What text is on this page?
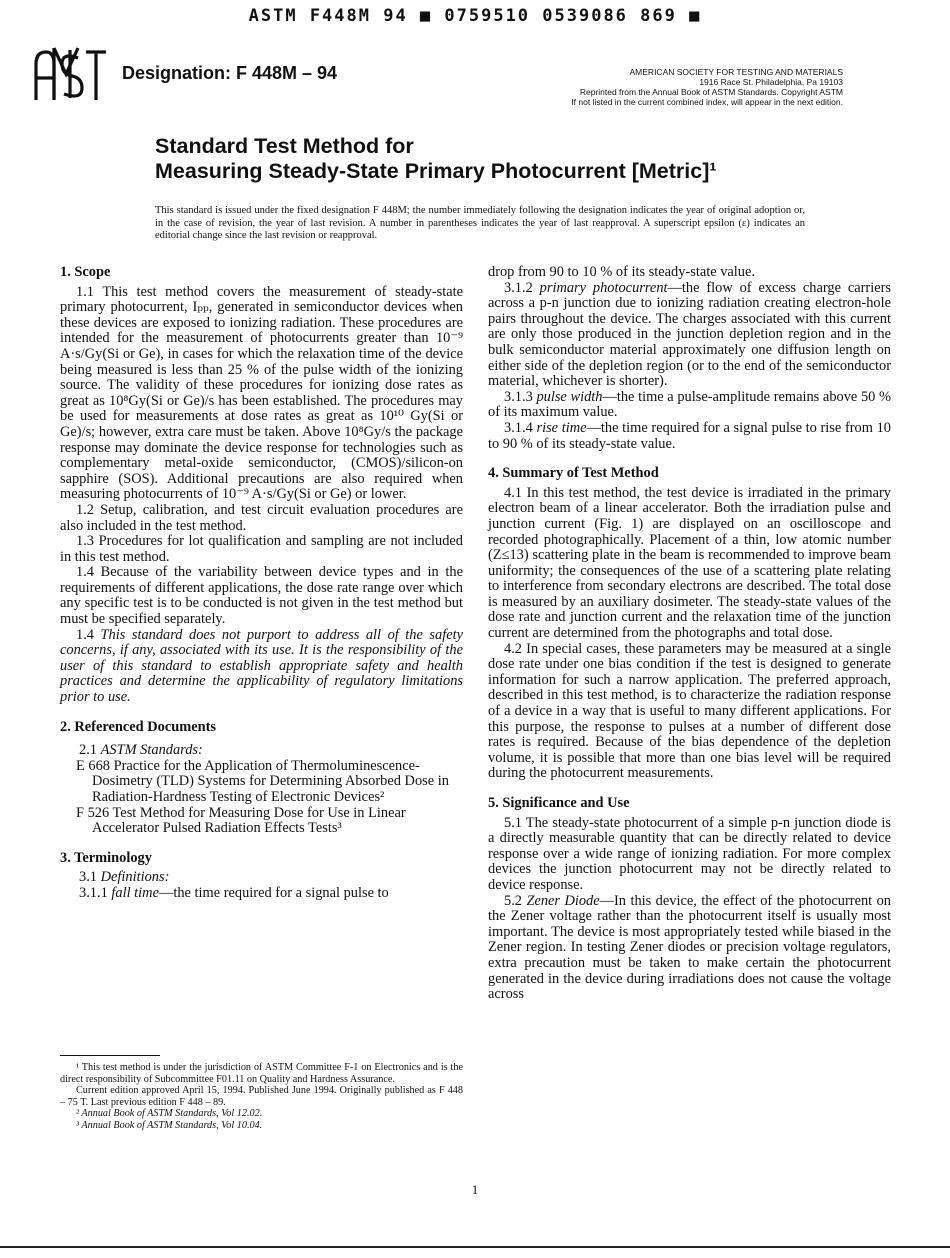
ASTM F448M 94 ■ 0759510 0539086 869 ■
Designation: F 448M – 94	AMERICAN SOCIETY FOR TESTING AND MATERIALS
1916 Race St. Philadelphia, Pa 19103
Reprinted from the Annual Book of ASTM Standards. Copyright ASTM
If not listed in the current combined index, will appear in the next edition.
Standard Test Method for
Measuring Steady-State Primary Photocurrent [Metric]¹
This standard is issued under the fixed designation F 448M; the number immediately following the designation indicates the year of original adoption or, in the case of revision, the year of last revision. A number in parentheses indicates the year of last reapproval. A superscript epsilon (ε) indicates an editorial change since the last revision or reapproval.
1. Scope

1.1 This test method covers the measurement of steady-state primary photocurrent, Iₚₚ, generated in semiconductor devices when these devices are exposed to ionizing radiation. These procedures are intended for the measurement of photocurrents greater than 10⁻⁹ A·s/Gy(Si or Ge), in cases for which the relaxation time of the device being measured is less than 25 % of the pulse width of the ionizing source. The validity of these procedures for ionizing dose rates as great as 10⁸Gy(Si or Ge)/s has been established. The procedures may be used for measurements at dose rates as great as 10¹⁰ Gy(Si or Ge)/s; however, extra care must be taken. Above 10⁸Gy/s the package response may dominate the device response for technologies such as complementary metal-oxide semiconductor, (CMOS)/silicon-on sapphire (SOS). Additional precautions are also required when measuring photocurrents of 10⁻⁹ A·s/Gy(Si or Ge) or lower.

1.2 Setup, calibration, and test circuit evaluation procedures are also included in the test method.

1.3 Procedures for lot qualification and sampling are not included in this test method.

1.4 Because of the variability between device types and in the requirements of different applications, the dose rate range over which any specific test is to be conducted is not given in the test method but must be specified separately.

1.4 This standard does not purport to address all of the safety concerns, if any, associated with its use. It is the responsibility of the user of this standard to establish appropriate safety and health practices and determine the applicability of regulatory limitations prior to use.

2. Referenced Documents

2.1 ASTM Standards:

E 668 Practice for the Application of Thermoluminescence-Dosimetry (TLD) Systems for Determining Absorbed Dose in Radiation-Hardness Testing of Electronic Devices²

F 526 Test Method for Measuring Dose for Use in Linear Accelerator Pulsed Radiation Effects Tests³

3. Terminology

3.1 Definitions:

3.1.1 fall time—the time required for a signal pulse to

drop from 90 to 10 % of its steady-state value.

3.1.2 primary photocurrent—the flow of excess charge carriers across a p-n junction due to ionizing radiation creating electron-hole pairs throughout the device. The charges associated with this current are only those produced in the junction depletion region and in the bulk semiconductor material approximately one diffusion length on either side of the depletion region (or to the end of the semiconductor material, whichever is shorter).

3.1.3 pulse width—the time a pulse-amplitude remains above 50 % of its maximum value.

3.1.4 rise time—the time required for a signal pulse to rise from 10 to 90 % of its steady-state value.

4. Summary of Test Method

4.1 In this test method, the test device is irradiated in the primary electron beam of a linear accelerator. Both the irradiation pulse and junction current (Fig. 1) are displayed on an oscilloscope and recorded photographically. Placement of a thin, low atomic number (Z≤13) scattering plate in the beam is recommended to improve beam uniformity; the consequences of the use of a scattering plate relating to interference from secondary electrons are described. The total dose is measured by an auxiliary dosimeter. The steady-state values of the dose rate and junction current and the relaxation time of the junction current are determined from the photographs and total dose.

4.2 In special cases, these parameters may be measured at a single dose rate under one bias condition if the test is designed to generate information for such a narrow application. The preferred approach, described in this test method, is to characterize the radiation response of a device in a way that is useful to many different applications. For this purpose, the response to pulses at a number of different dose rates is required. Because of the bias dependence of the depletion volume, it is possible that more than one bias level will be required during the photocurrent measurements.

5. Significance and Use

5.1 The steady-state photocurrent of a simple p-n junction diode is a directly measurable quantity that can be directly related to device response over a wide range of ionizing radiation. For more complex devices the junction photocurrent may not be directly related to device response.

5.2 Zener Diode—In this device, the effect of the photocurrent on the Zener voltage rather than the photocurrent itself is usually most important. The device is most appropriately tested while biased in the Zener region. In testing Zener diodes or precision voltage regulators, extra precaution must be taken to make certain the photocurrent generated in the device during irradiations does not cause the voltage across

¹ This test method is under the jurisdiction of ASTM Committee F-1 on Electronics and is the direct responsibility of Subcommittee F01.11 on Quality and Hardness Assurance.

Current edition approved April 15, 1994. Published June 1994. Originally published as F 448 – 75 T. Last previous edition F 448 – 89.

² Annual Book of ASTM Standards, Vol 12.02.

³ Annual Book of ASTM Standards, Vol 10.04.

1
